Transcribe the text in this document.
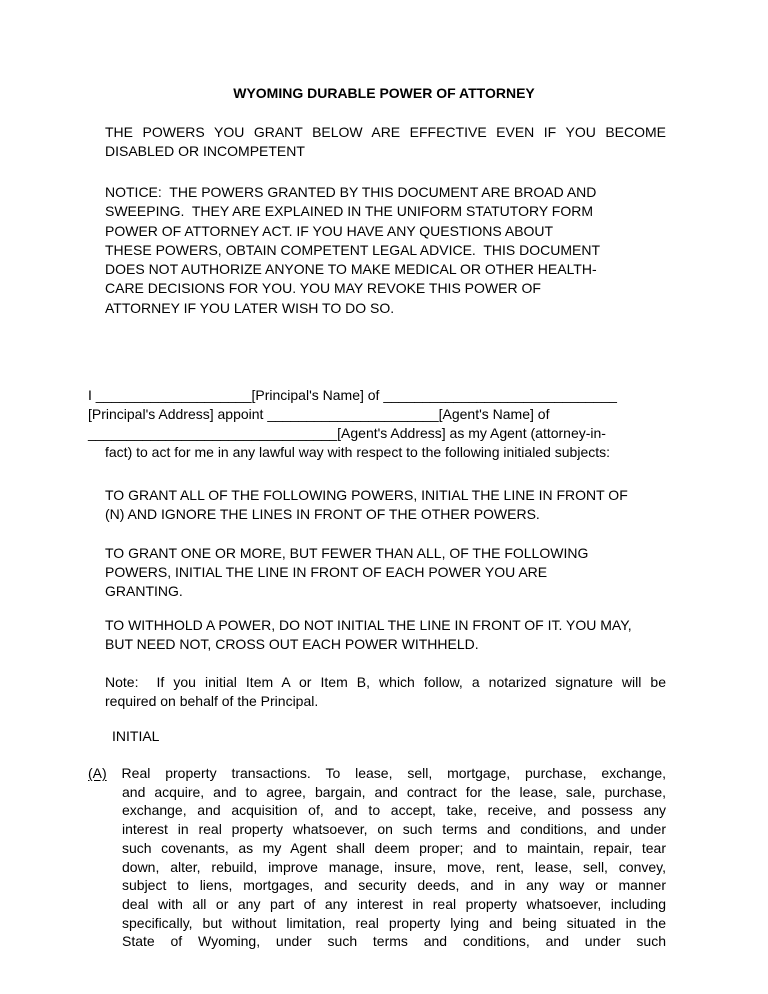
WYOMING DURABLE POWER OF ATTORNEY
THE POWERS YOU GRANT BELOW ARE EFFECTIVE EVEN IF YOU BECOME
DISABLED OR INCOMPETENT
NOTICE:  THE POWERS GRANTED BY THIS DOCUMENT ARE BROAD AND
SWEEPING.  THEY ARE EXPLAINED IN THE UNIFORM STATUTORY FORM
POWER OF ATTORNEY ACT. IF YOU HAVE ANY QUESTIONS ABOUT
THESE POWERS, OBTAIN COMPETENT LEGAL ADVICE.  THIS DOCUMENT
DOES NOT AUTHORIZE ANYONE TO MAKE MEDICAL OR OTHER HEALTH-
CARE DECISIONS FOR YOU. YOU MAY REVOKE THIS POWER OF
ATTORNEY IF YOU LATER WISH TO DO SO.
I ____________________[Principal's Name] of ______________________________
[Principal's Address] appoint ______________________[Agent's Name] of
________________________________[Agent's Address] as my Agent (attorney-in-
fact) to act for me in any lawful way with respect to the following initialed subjects:
TO GRANT ALL OF THE FOLLOWING POWERS, INITIAL THE LINE IN FRONT OF
(N) AND IGNORE THE LINES IN FRONT OF THE OTHER POWERS.
TO GRANT ONE OR MORE, BUT FEWER THAN ALL, OF THE FOLLOWING
POWERS, INITIAL THE LINE IN FRONT OF EACH POWER YOU ARE
GRANTING.
TO WITHHOLD A POWER, DO NOT INITIAL THE LINE IN FRONT OF IT. YOU MAY,
BUT NEED NOT, CROSS OUT EACH POWER WITHHELD.
Note:  If you initial Item A or Item B, which follow, a notarized signature will be
required on behalf of the Principal.
INITIAL
(A) Real property transactions. To lease, sell, mortgage, purchase, exchange,
and acquire, and to agree, bargain, and contract for the lease, sale, purchase,
exchange, and acquisition of, and to accept, take, receive, and possess any
interest in real property whatsoever, on such terms and conditions, and under
such covenants, as my Agent shall deem proper; and to maintain, repair, tear
down, alter, rebuild, improve manage, insure, move, rent, lease, sell, convey,
subject to liens, mortgages, and security deeds, and in any way or manner
deal with all or any part of any interest in real property whatsoever, including
specifically, but without limitation, real property lying and being situated in the
State of Wyoming, under such terms and conditions, and under such
